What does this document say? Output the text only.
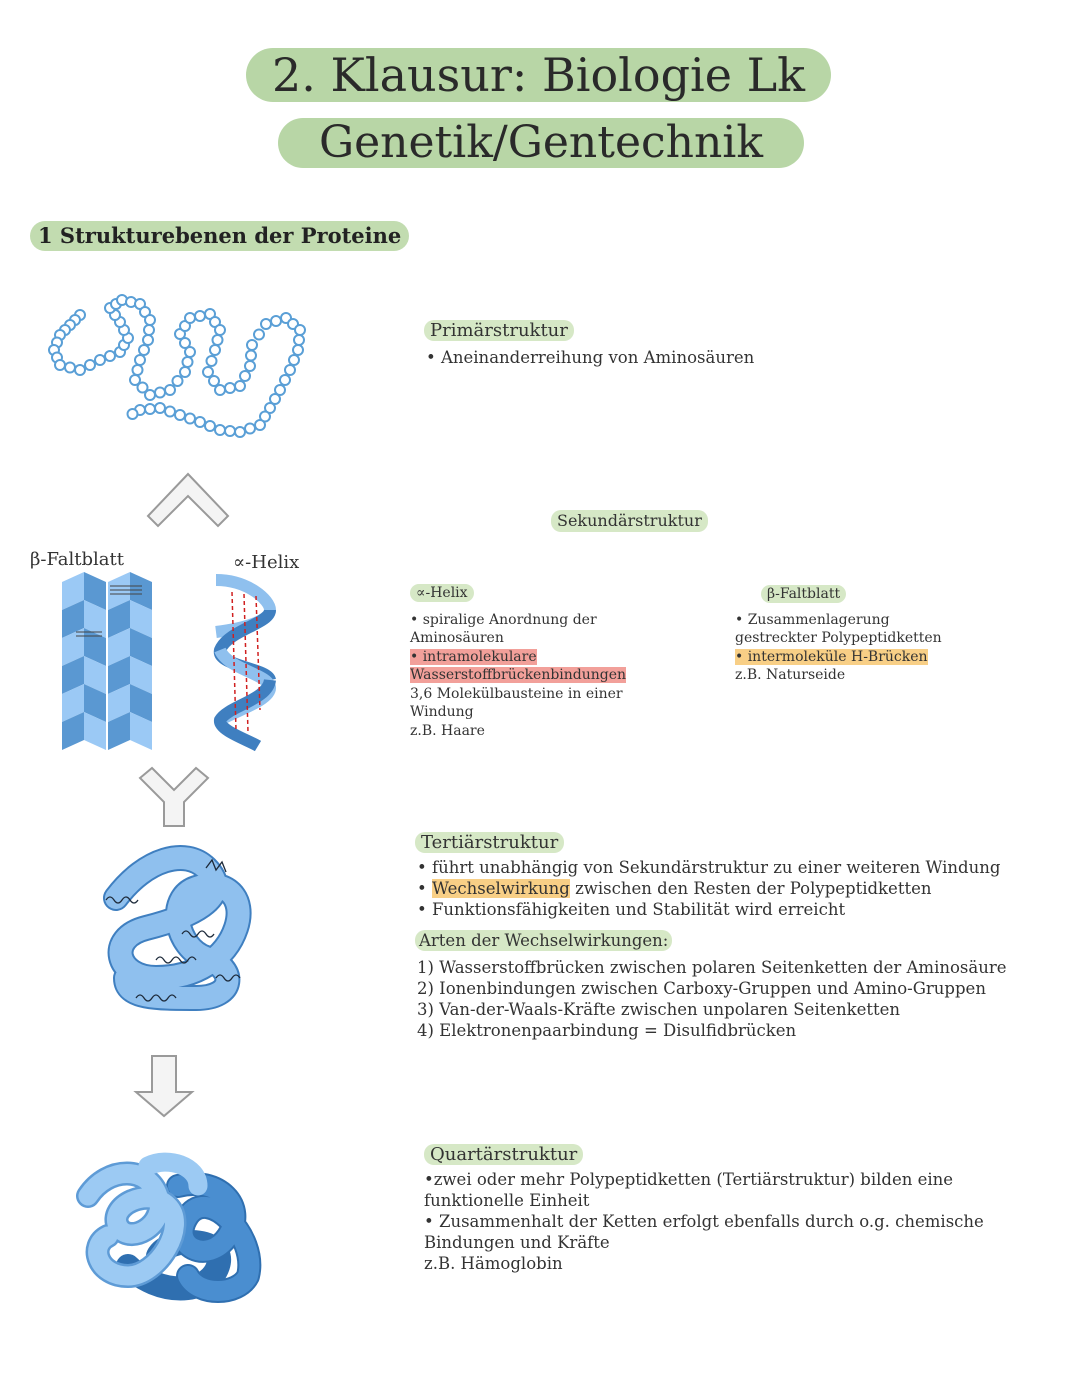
2. Klausur: Biologie Lk
Genetik/Gentechnik
1 Strukturebenen der Proteine
Primärstruktur
• Aneinanderreihung von Aminosäuren
Sekundärstruktur
β-Faltblatt	∝-Helix
∝-Helix
• spiralige Anordnung der
Aminosäuren
• intramolekulare
Wasserstoffbrückenbindungen
3,6 Molekülbausteine in einer
Windung
z.B. Haare
β-Faltblatt
• Zusammenlagerung
gestreckter Polypeptidketten
• intermoleküle H-Brücken
z.B. Naturseide
Tertiärstruktur
• führt unabhängig von Sekundärstruktur zu einer weiteren Windung
• Wechselwirkung zwischen den Resten der Polypeptidketten
• Funktionsfähigkeiten und Stabilität wird erreicht
Arten der Wechselwirkungen:
1) Wasserstoffbrücken zwischen polaren Seitenketten der Aminosäure
2) Ionenbindungen zwischen Carboxy-Gruppen und Amino-Gruppen
3) Van-der-Waals-Kräfte zwischen unpolaren Seitenketten
4) Elektronenpaarbindung = Disulfidbrücken
Quartärstruktur
•zwei oder mehr Polypeptidketten (Tertiärstruktur) bilden eine
funktionelle Einheit
• Zusammenhalt der Ketten erfolgt ebenfalls durch o.g. chemische
Bindungen und Kräfte
z.B. Hämoglobin
